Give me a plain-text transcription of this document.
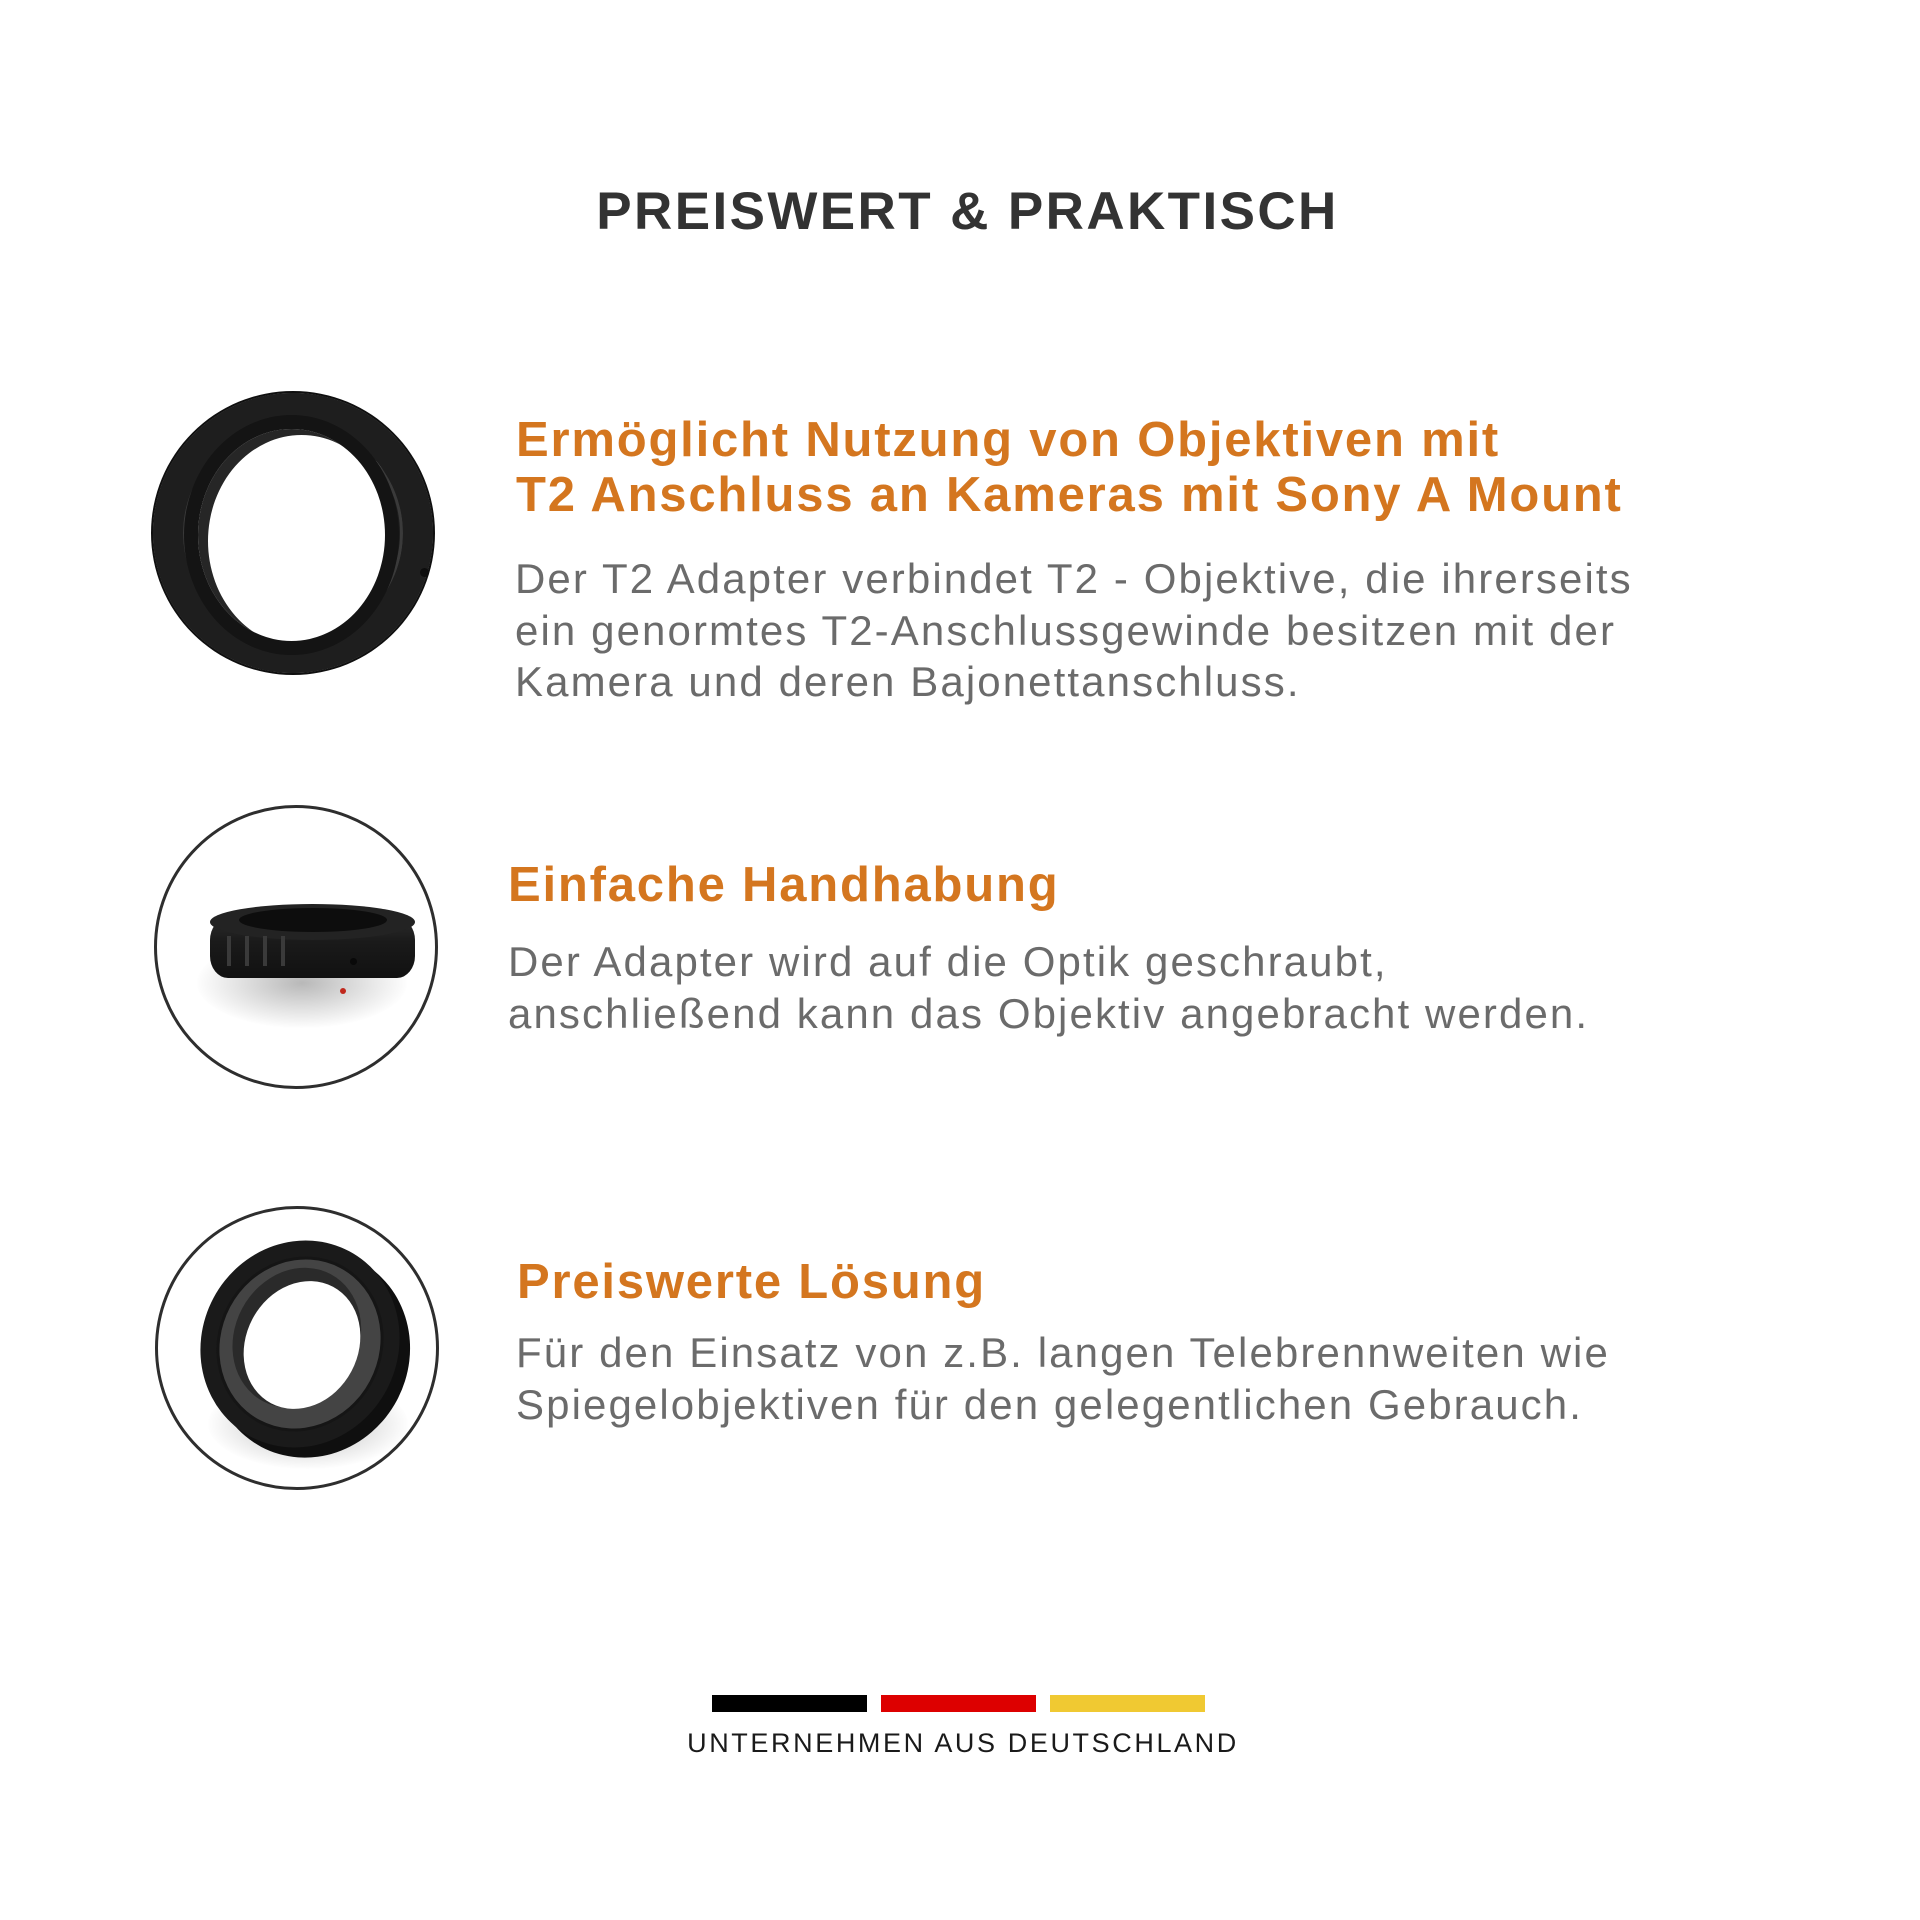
PREISWERT & PRAKTISCH
Ermöglicht Nutzung von Objektiven mit
T2 Anschluss an Kameras mit Sony A Mount
Der T2 Adapter verbindet T2 - Objektive, die ihrerseits
ein genormtes T2-Anschlussgewinde besitzen mit der
Kamera und deren Bajonettanschluss.
Einfache Handhabung
Der Adapter wird auf die Optik geschraubt,
anschließend kann das Objektiv angebracht werden.
Preiswerte Lösung
Für den Einsatz von z.B. langen Telebrennweiten wie
Spiegelobjektiven für den gelegentlichen Gebrauch.
UNTERNEHMEN AUS DEUTSCHLAND
